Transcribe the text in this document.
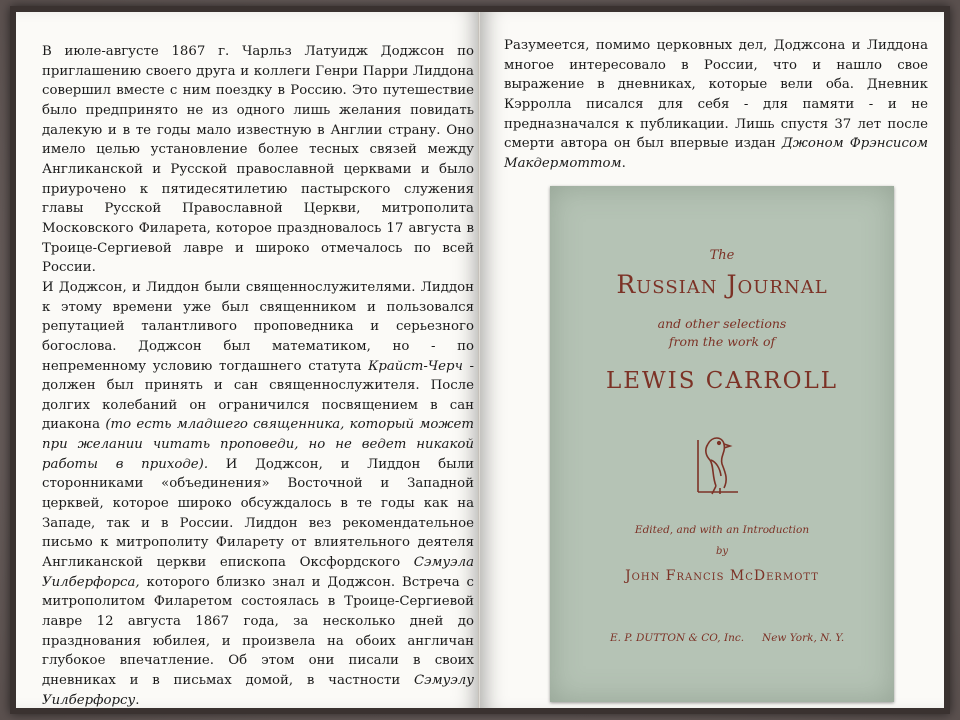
В июле-августе 1867 г. Чарльз Латуидж Доджсон по приглашению своего друга и коллеги Генри Парри Лиддона совершил вместе с ним поездку в Россию. Это путешествие было предпринято не из одного лишь желания повидать далекую и в те годы мало известную в Англии страну. Оно имело целью установление более тесных связей между Англиканской и Русской православной церквами и было приурочено к пятидесятилетию пастырского служения главы Русской Православной Церкви, митрополита Московского Филарета, которое праздновалось 17 августа в Троице-Сергиевой лавре и широко отмечалось по всей России.

И Доджсон, и Лиддон были священнослужителями. Лиддон к этому времени уже был священником и пользовался репутацией талантливого проповедника и серьезного богослова. Доджсон был математиком, но - по непременному условию тогдашнего статута Крайст-Черч - должен был принять и сан священнослужителя. После долгих колебаний он ограничился посвящением в сан диакона (то есть младшего священника, который может при желании читать проповеди, но не ведет никакой работы в приходе). И Доджсон, и Лиддон были сторонниками «объединения» Восточной и Западной церквей, которое широко обсуждалось в те годы как на Западе, так и в России. Лиддон вез рекомендательное письмо к митрополиту Филарету от влиятельного деятеля Англиканской церкви епископа Оксфордского Сэмуэла Уилберфорса, которого близко знал и Доджсон. Встреча с митрополитом Филаретом состоялась в Троице-Сергиевой лавре 12 августа 1867 года, за несколько дней до празднования юбилея, и произвела на обоих англичан глубокое впечатление. Об этом они писали в своих дневниках и в письмах домой, в частности Сэмуэлу Уилберфорсу.

Разумеется, помимо церковных дел, Доджсона и Лиддона многое интересовало в России, что и нашло свое выражение в дневниках, которые вели оба. Дневник Кэрролла писался для себя - для памяти - и не предназначался к публикации. Лишь спустя 37 лет после смерти автора он был впервые издан Джоном Фрэнсисом Макдермоттом.

The
Russian Journal
and other selections
from the work of
LEWIS CARROLL
Edited, and with an Introduction
by
John Francis McDermott
E. P. DUTTON & CO, Inc. New York, N. Y.
